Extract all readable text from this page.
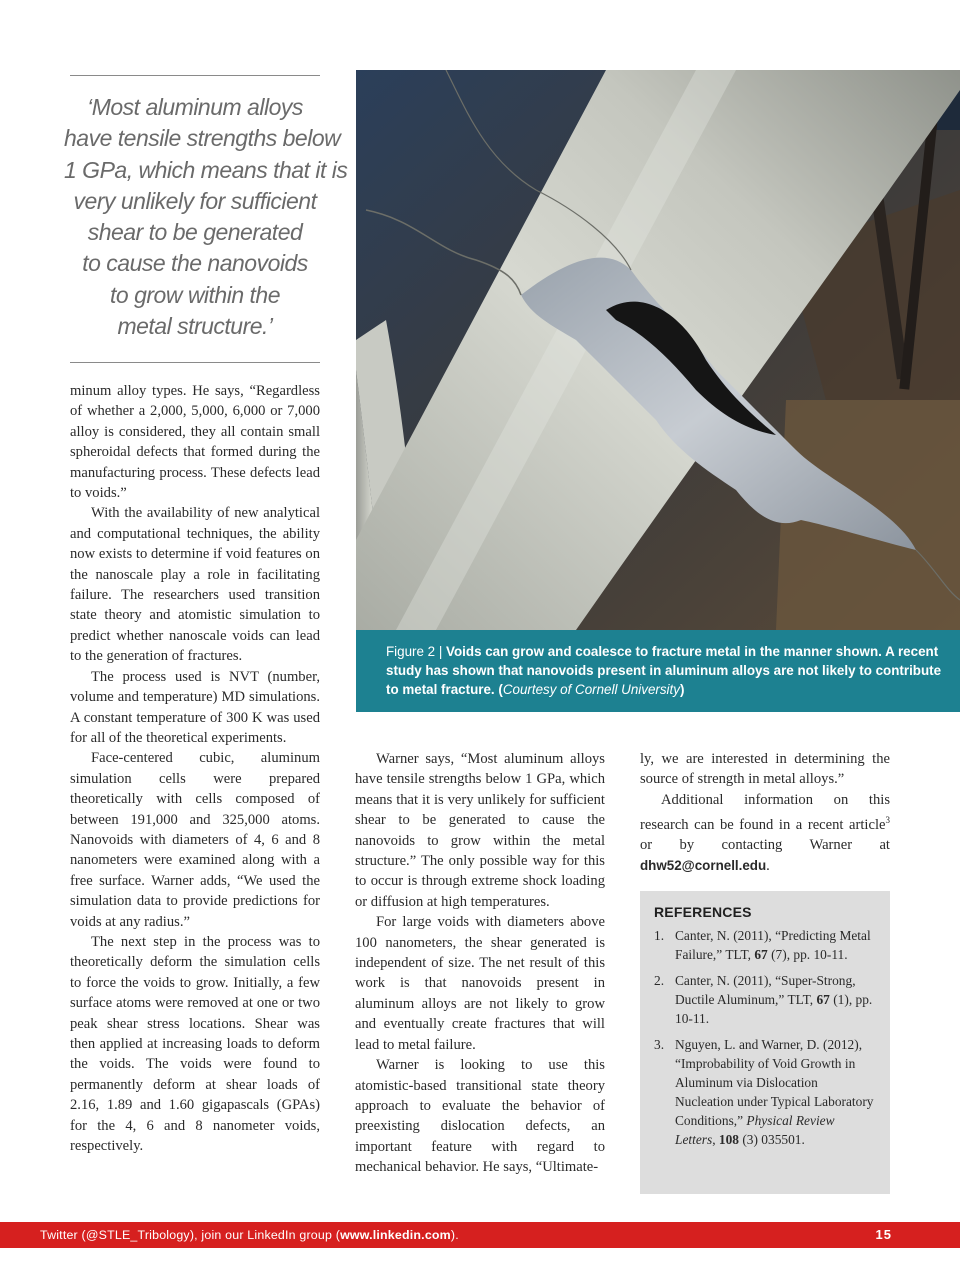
‘Most aluminum alloys
have tensile strengths below
1 GPa, which means that it is
very unlikely for sufficient
shear to be generated
to cause the nanovoids
to grow within the
metal structure.’

minum alloy types. He says, “Regardless of whether a 2,000, 5,000, 6,000 or 7,000 alloy is considered, they all contain small spheroidal defects that formed during the manufacturing process. These defects lead to voids.”

With the availability of new analytical and computational techniques, the ability now exists to determine if void features on the nanoscale play a role in facilitating failure. The researchers used transition state theory and atomistic simulation to predict whether nanoscale voids can lead to the generation of fractures.

The process used is NVT (number, volume and temperature) MD simulations. A constant temperature of 300 K was used for all of the theoretical experiments.

Face-centered cubic, aluminum simulation cells were prepared theoretically with cells composed of between 191,000 and 325,000 atoms. Nanovoids with diameters of 4, 6 and 8 nanometers were examined along with a free surface. Warner adds, “We used the simulation data to provide predictions for voids at any radius.”

The next step in the process was to theoretically deform the simulation cells to force the voids to grow. Initially, a few surface atoms were removed at one or two peak shear stress locations. Shear was then applied at increasing loads to deform the voids. The voids were found to permanently deform at shear loads of 2.16, 1.89 and 1.60 gigapascals (GPAs) for the 4, 6 and 8 nanometer voids, respectively.

Figure 2 | Voids can grow and coalesce to fracture metal in the manner shown. A recent study has shown that nanovoids present in aluminum alloys are not likely to contribute to metal fracture. (Courtesy of Cornell University)

Warner says, “Most aluminum alloys have tensile strengths below 1 GPa, which means that it is very unlikely for sufficient shear to be generated to cause the nanovoids to grow within the metal structure.” The only possible way for this to occur is through extreme shock loading or diffusion at high temperatures.

For large voids with diameters above 100 nanometers, the shear generated is independent of size. The net result of this work is that nanovoids present in aluminum alloys are not likely to grow and eventually create fractures that will lead to metal failure.

Warner is looking to use this atomistic-based transitional state theory approach to evaluate the behavior of preexisting dislocation defects, an important feature with regard to mechanical behavior. He says, “Ultimate-

ly, we are interested in determining the source of strength in metal alloys.”

Additional information on this research can be found in a recent article$^3$ or by contacting Warner at dhw52@cornell.edu.

REFERENCES
1. Canter, N. (2011), “Predicting Metal Failure,” TLT, 67 (7), pp. 10-11.
2. Canter, N. (2011), “Super-Strong, Ductile Aluminum,” TLT, 67 (1), pp. 10-11.
3. Nguyen, L. and Warner, D. (2012), “Improbability of Void Growth in Aluminum via Dislocation Nucleation under Typical Laboratory Conditions,” Physical Review Letters, 108 (3) 035501.
Twitter (@STLE_Tribology), join our LinkedIn group (www.linkedin.com).	15
